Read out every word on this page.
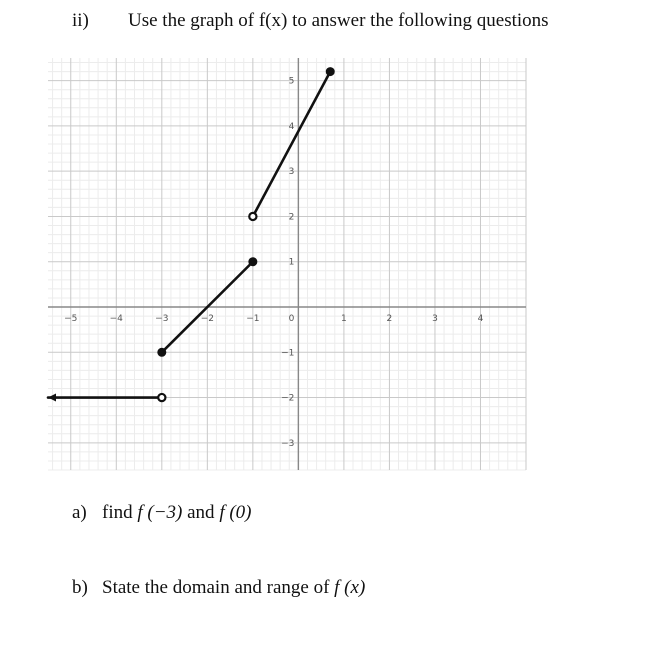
−5	−4	−3	−2	−1	1	2	3	4
−3
−2
−1
1
2
3
4
5
0
ii) Use the graph of f(x) to answer the following questions
a) find f (−3) and f (0)
b) State the domain and range of f (x)
